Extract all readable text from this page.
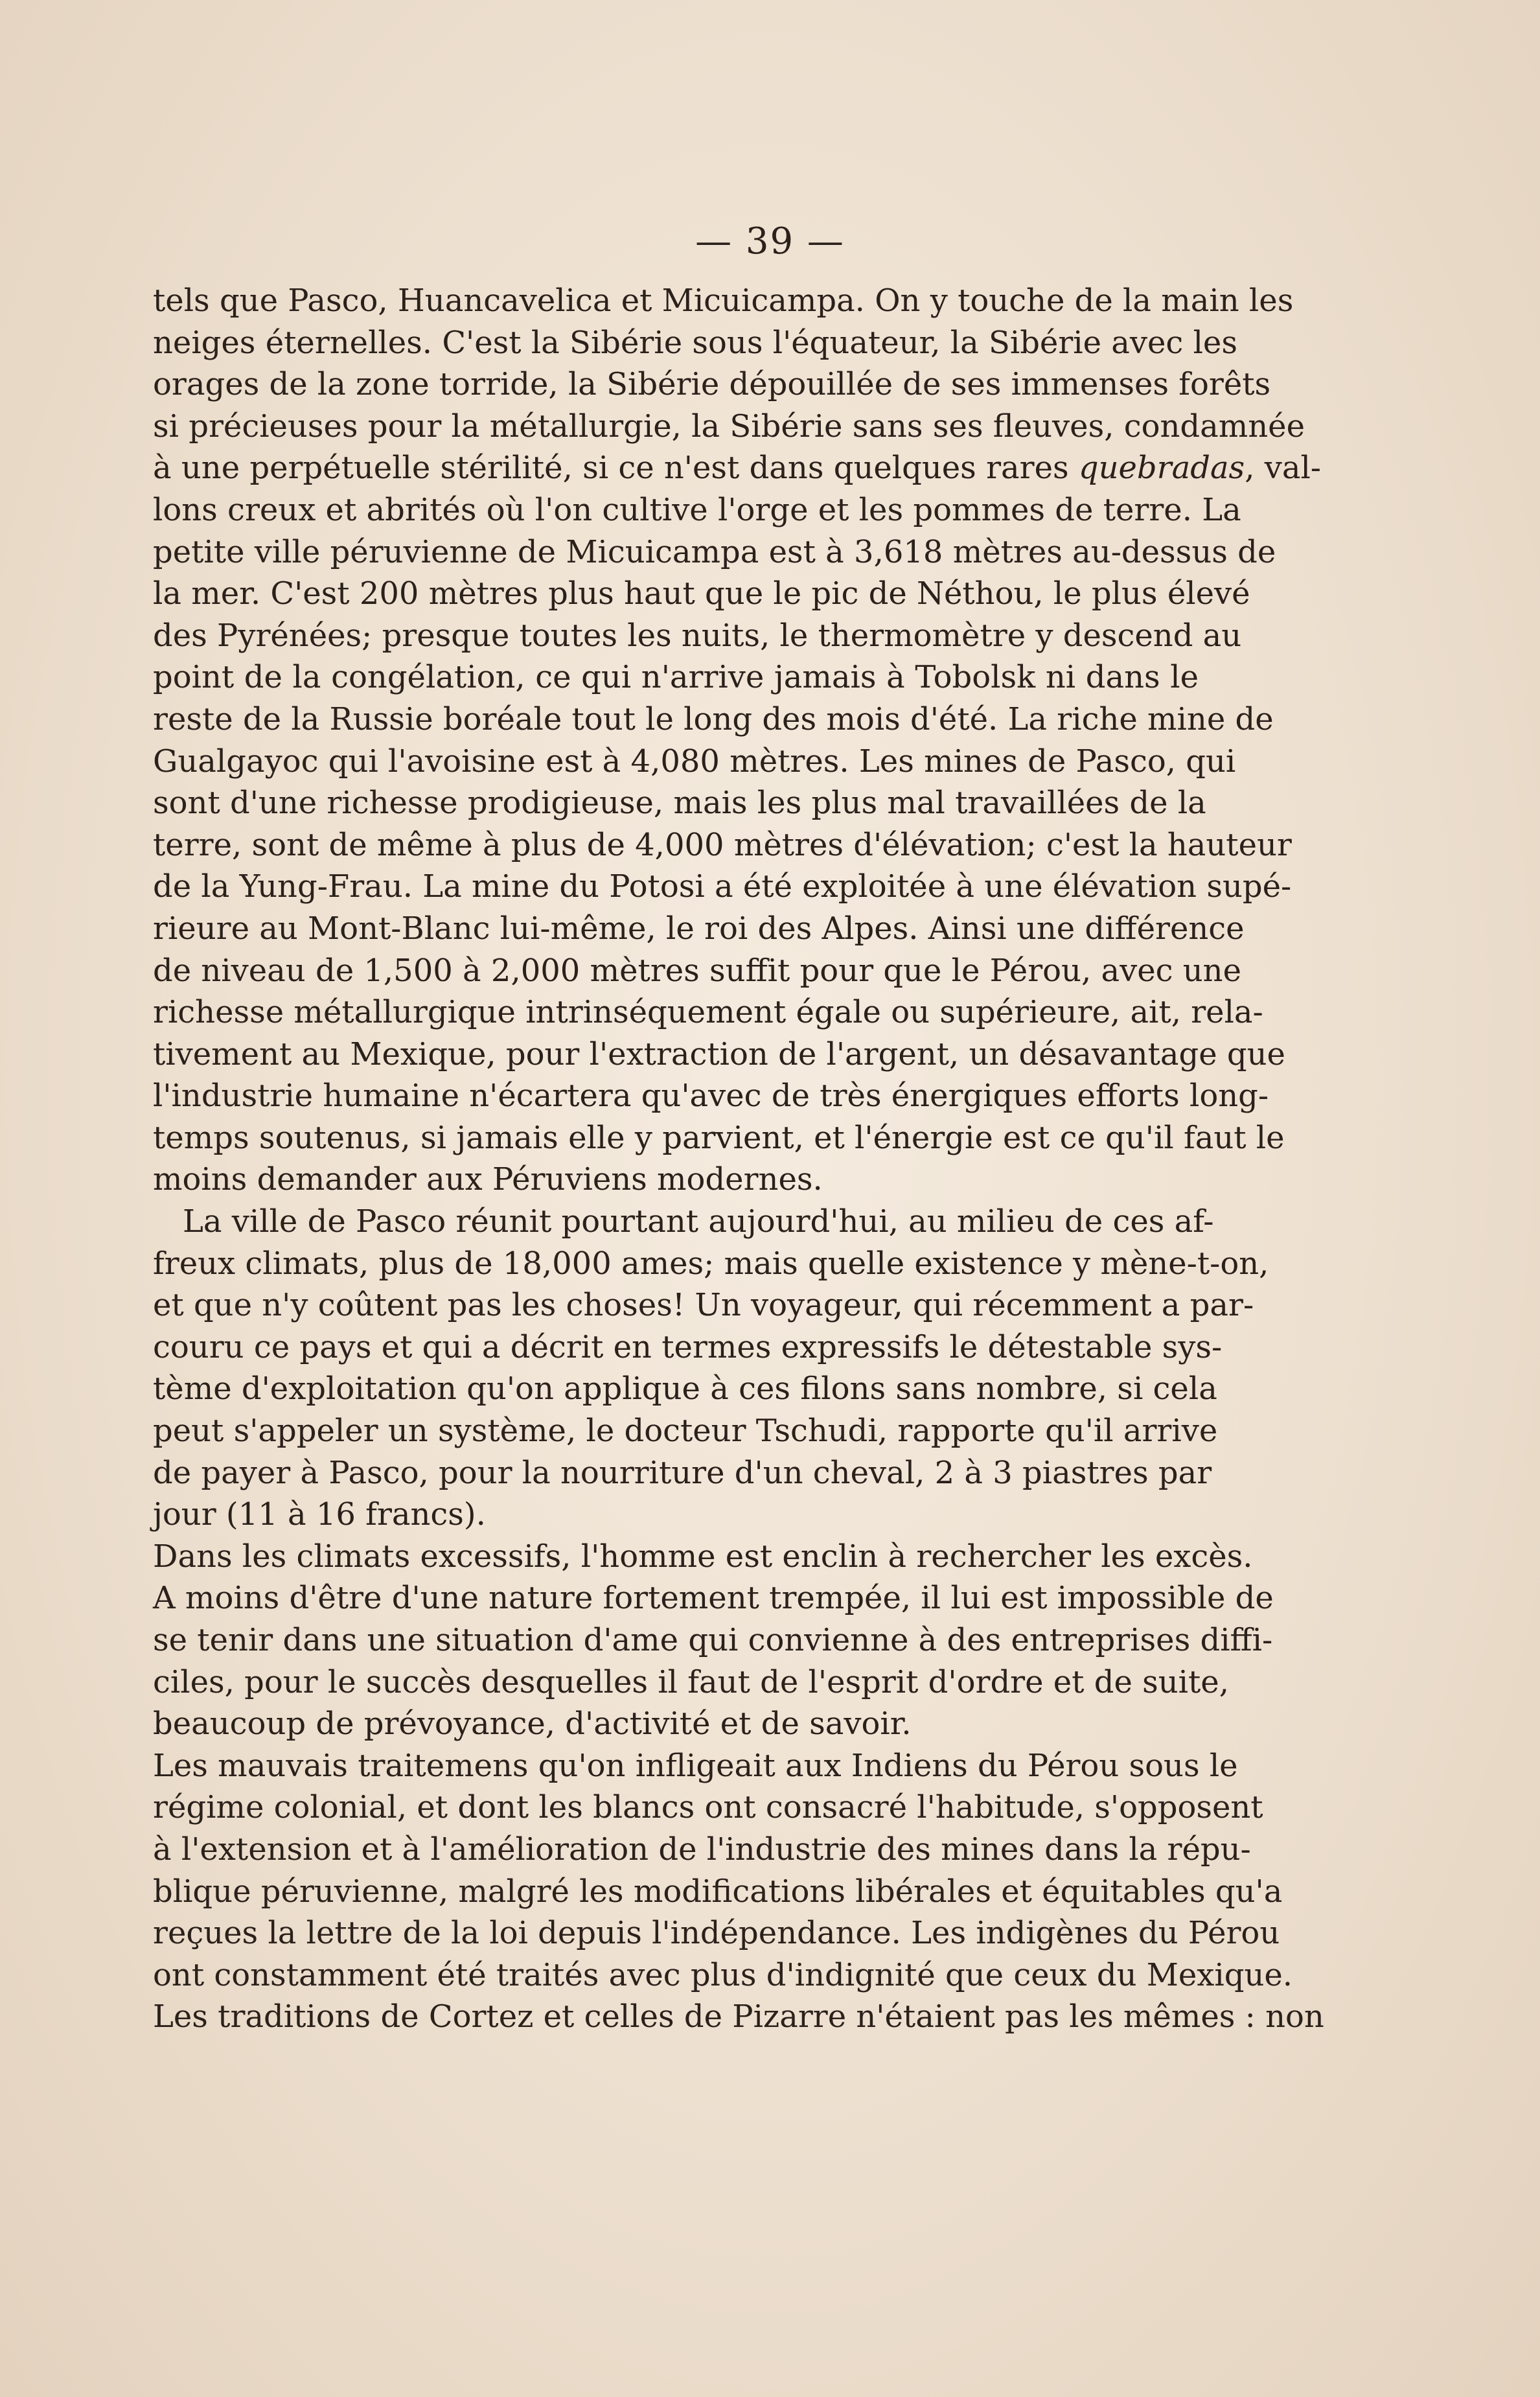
— 39 —
tels que Pasco, Huancavelica et Micuicampa. On y touche de la main les
neiges éternelles. C'est la Sibérie sous l'équateur, la Sibérie avec les
orages de la zone torride, la Sibérie dépouillée de ses immenses forêts
si précieuses pour la métallurgie, la Sibérie sans ses fleuves, condamnée
à une perpétuelle stérilité, si ce n'est dans quelques rares quebradas, val-
lons creux et abrités où l'on cultive l'orge et les pommes de terre. La
petite ville péruvienne de Micuicampa est à 3,618 mètres au-dessus de
la mer. C'est 200 mètres plus haut que le pic de Néthou, le plus élevé
des Pyrénées; presque toutes les nuits, le thermomètre y descend au
point de la congélation, ce qui n'arrive jamais à Tobolsk ni dans le
reste de la Russie boréale tout le long des mois d'été. La riche mine de
Gualgayoc qui l'avoisine est à 4,080 mètres. Les mines de Pasco, qui
sont d'une richesse prodigieuse, mais les plus mal travaillées de la
terre, sont de même à plus de 4,000 mètres d'élévation; c'est la hauteur
de la Yung-Frau. La mine du Potosi a été exploitée à une élévation supé-
rieure au Mont-Blanc lui-même, le roi des Alpes. Ainsi une différence
de niveau de 1,500 à 2,000 mètres suffit pour que le Pérou, avec une
richesse métallurgique intrinséquement égale ou supérieure, ait, rela-
tivement au Mexique, pour l'extraction de l'argent, un désavantage que
l'industrie humaine n'écartera qu'avec de très énergiques efforts long-
temps soutenus, si jamais elle y parvient, et l'énergie est ce qu'il faut le
moins demander aux Péruviens modernes.
La ville de Pasco réunit pourtant aujourd'hui, au milieu de ces af-
freux climats, plus de 18,000 ames; mais quelle existence y mène-t-on,
et que n'y coûtent pas les choses! Un voyageur, qui récemment a par-
couru ce pays et qui a décrit en termes expressifs le détestable sys-
tème d'exploitation qu'on applique à ces filons sans nombre, si cela
peut s'appeler un système, le docteur Tschudi, rapporte qu'il arrive
de payer à Pasco, pour la nourriture d'un cheval, 2 à 3 piastres par
jour (11 à 16 francs).
Dans les climats excessifs, l'homme est enclin à rechercher les excès.
A moins d'être d'une nature fortement trempée, il lui est impossible de
se tenir dans une situation d'ame qui convienne à des entreprises diffi-
ciles, pour le succès desquelles il faut de l'esprit d'ordre et de suite,
beaucoup de prévoyance, d'activité et de savoir.
Les mauvais traitemens qu'on infligeait aux Indiens du Pérou sous le
régime colonial, et dont les blancs ont consacré l'habitude, s'opposent
à l'extension et à l'amélioration de l'industrie des mines dans la répu-
blique péruvienne, malgré les modifications libérales et équitables qu'a
reçues la lettre de la loi depuis l'indépendance. Les indigènes du Pérou
ont constamment été traités avec plus d'indignité que ceux du Mexique.
Les traditions de Cortez et celles de Pizarre n'étaient pas les mêmes : non
